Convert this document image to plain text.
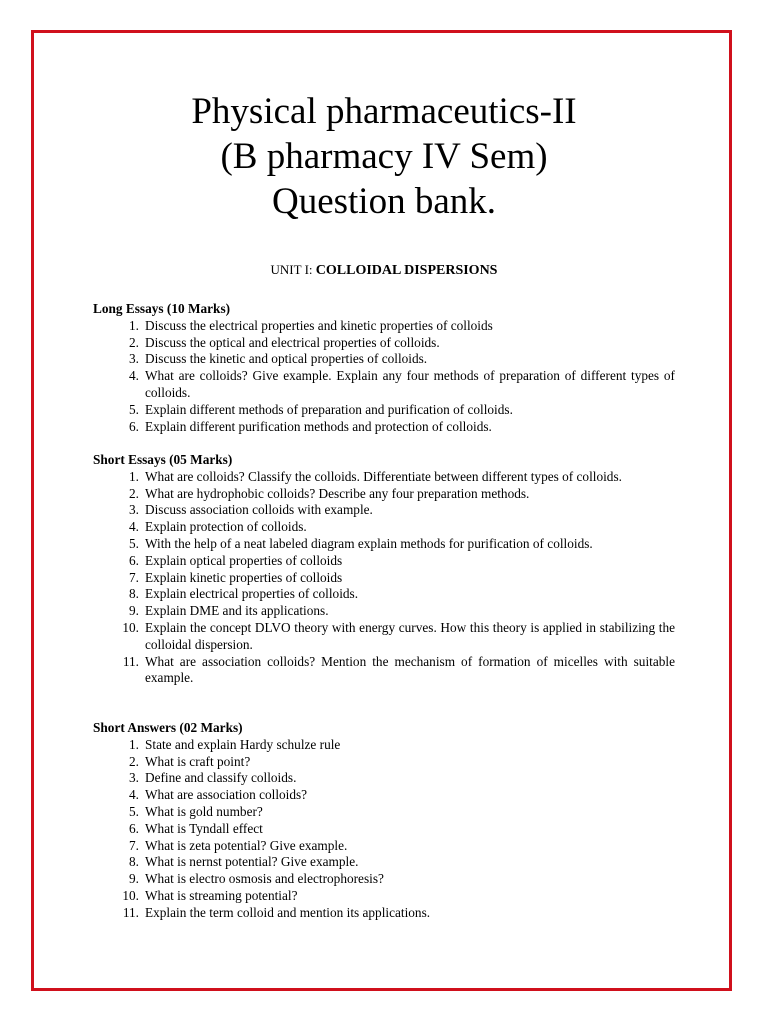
Physical pharmaceutics-II
(B pharmacy IV Sem)
Question bank.
UNIT I: COLLOIDAL DISPERSIONS
Long Essays (10 Marks)
1. Discuss the electrical properties and kinetic properties of colloids
2. Discuss the optical and electrical properties of colloids.
3. Discuss the kinetic and optical properties of colloids.
4. What are colloids? Give example. Explain any four methods of preparation of different types of colloids.
5. Explain different methods of preparation and purification of colloids.
6. Explain different purification methods and protection of colloids.
Short Essays (05 Marks)
1. What are colloids? Classify the colloids. Differentiate between different types of colloids.
2. What are hydrophobic colloids? Describe any four preparation methods.
3. Discuss association colloids with example.
4. Explain protection of colloids.
5. With the help of a neat labeled diagram explain methods for purification of colloids.
6. Explain optical properties of colloids
7. Explain kinetic properties of colloids
8. Explain electrical properties of colloids.
9. Explain DME and its applications.
10. Explain the concept DLVO theory with energy curves. How this theory is applied in stabilizing the colloidal dispersion.
11. What are association colloids? Mention the mechanism of formation of micelles with suitable example.
Short Answers (02 Marks)
1. State and explain Hardy schulze rule
2. What is craft point?
3. Define and classify colloids.
4. What are association colloids?
5. What is gold number?
6. What is Tyndall effect
7. What is zeta potential? Give example.
8. What is nernst potential? Give example.
9. What is electro osmosis and electrophoresis?
10. What is streaming potential?
11. Explain the term colloid and mention its applications.
